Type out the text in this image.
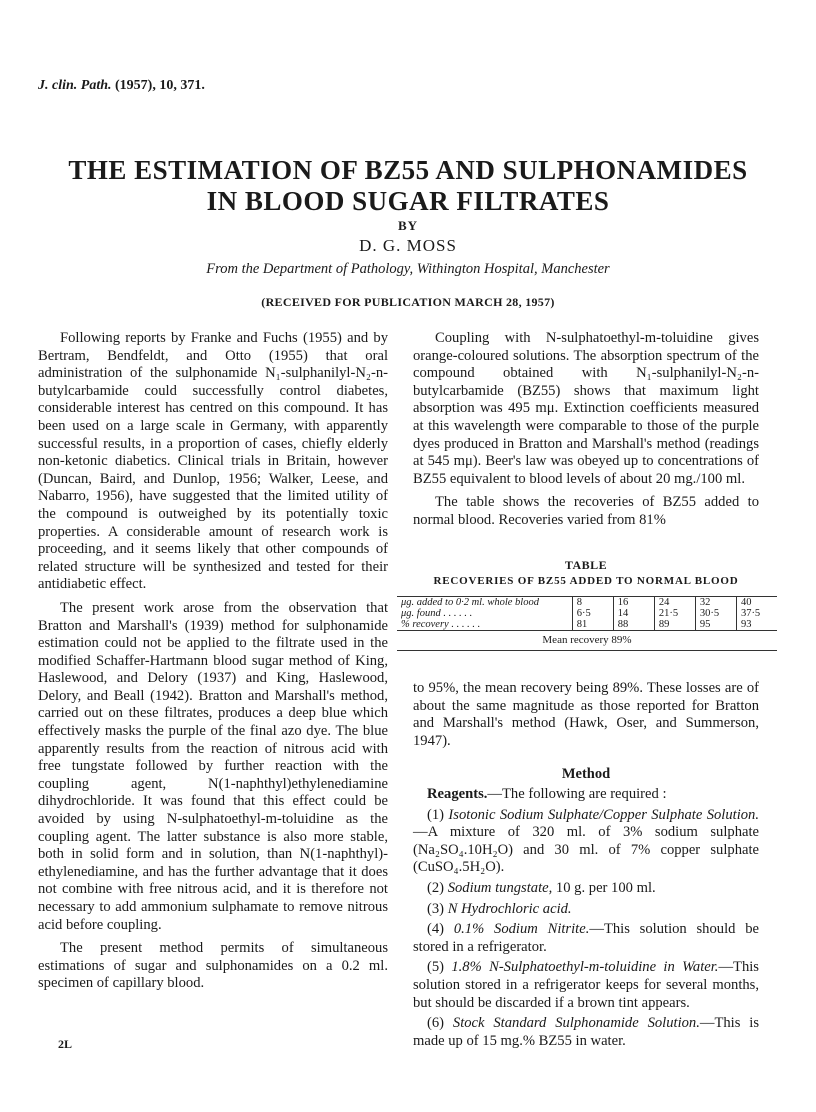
J. clin. Path. (1957), 10, 371.
THE ESTIMATION OF BZ55 AND SULPHONAMIDES
IN BLOOD SUGAR FILTRATES
BY
D. G. MOSS
From the Department of Pathology, Withington Hospital, Manchester
(RECEIVED FOR PUBLICATION MARCH 28, 1957)

Following reports by Franke and Fuchs (1955) and by Bertram, Bendfeldt, and Otto (1955) that oral administration of the sulphonamide N₁-sulphanilyl-N₂-n-butylcarbamide could successfully control diabetes, considerable interest has centred on this compound. It has been used on a large scale in Germany, with apparently successful results, in a proportion of cases, chiefly elderly non-ketonic diabetics. Clinical trials in Britain, however (Duncan, Baird, and Dunlop, 1956; Walker, Leese, and Nabarro, 1956), have suggested that the limited utility of the compound is outweighed by its potentially toxic properties. A considerable amount of research work is proceeding, and it seems likely that other compounds of related structure will be synthesized and tested for their antidiabetic effect.

The present work arose from the observation that Bratton and Marshall's (1939) method for sulphonamide estimation could not be applied to the filtrate used in the modified Schaffer-Hartmann blood sugar method of King, Haslewood, and Delory (1937) and King, Haslewood, Delory, and Beall (1942). Bratton and Marshall's method, carried out on these filtrates, produces a deep blue which effectively masks the purple of the final azo dye. The blue apparently results from the reaction of nitrous acid with free tungstate followed by further reaction with the coupling agent, N(1-naphthyl)ethylenediamine dihydrochloride. It was found that this effect could be avoided by using N-sulphatoethyl-m-toluidine as the coupling agent. The latter substance is also more stable, both in solid form and in solution, than N(1-naphthyl)-ethylenediamine, and has the further advantage that it does not combine with free nitrous acid, and it is therefore not necessary to add ammonium sulphamate to remove nitrous acid before coupling.

The present method permits of simultaneous estimations of sugar and sulphonamides on a 0.2 ml. specimen of capillary blood.

Coupling with N-sulphatoethyl-m-toluidine gives orange-coloured solutions. The absorption spectrum of the compound obtained with N₁-sulphanilyl-N₂-n-butylcarbamide (BZ55) shows that maximum light absorption was 495 mμ. Extinction coefficients measured at this wavelength were comparable to those of the purple dyes produced in Bratton and Marshall's method (readings at 545 mμ). Beer's law was obeyed up to concentrations of BZ55 equivalent to blood levels of about 20 mg./100 ml.

The table shows the recoveries of BZ55 added to normal blood. Recoveries varied from 81%

TABLE
RECOVERIES OF BZ55 ADDED TO NORMAL BLOOD
μg. added to 0·2 ml. whole blood	8	16	24	32	40
μg. found . . . . . .	6·5	14	21·5	30·5	37·5
% recovery . . . . . .	81	88	89	95	93
Mean recovery 89%

to 95%, the mean recovery being 89%. These losses are of about the same magnitude as those reported for Bratton and Marshall's method (Hawk, Oser, and Summerson, 1947).

Method

Reagents.—The following are required :

(1) Isotonic Sodium Sulphate/Copper Sulphate Solution.—A mixture of 320 ml. of 3% sodium sulphate (Na₂SO₄.10H₂O) and 30 ml. of 7% copper sulphate (CuSO₄.5H₂O).

(2) Sodium tungstate, 10 g. per 100 ml.

(3) N Hydrochloric acid.

(4) 0.1% Sodium Nitrite.—This solution should be stored in a refrigerator.

(5) 1.8% N-Sulphatoethyl-m-toluidine in Water.—This solution stored in a refrigerator keeps for several months, but should be discarded if a brown tint appears.

(6) Stock Standard Sulphonamide Solution.—This is made up of 15 mg.% BZ55 in water.

2L
